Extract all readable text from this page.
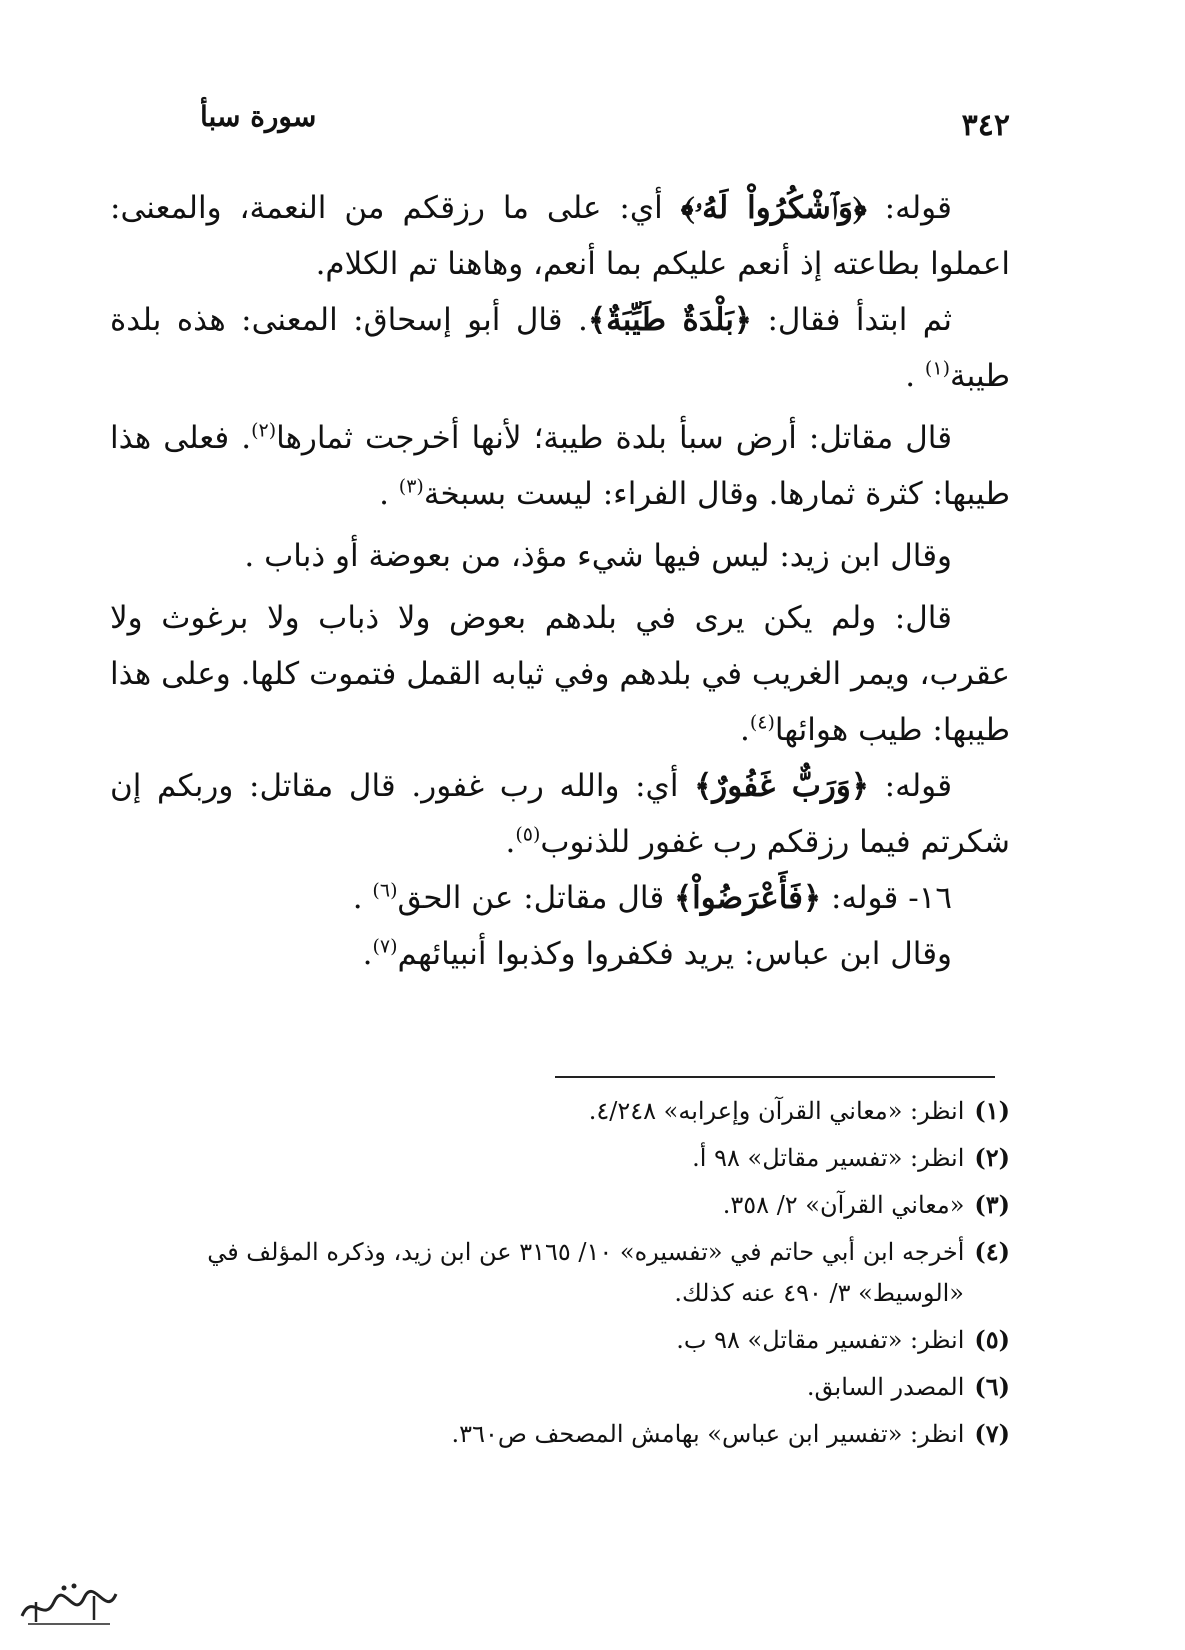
٣٤٢
سورة سبأ

قوله: ﴿وَٱشْكُرُواْ لَهُۥ﴾ أي: على ما رزقكم من النعمة، والمعنى: اعملوا بطاعته إذ أنعم عليكم بما أنعم، وهاهنا تم الكلام.

ثم ابتدأ فقال: ﴿بَلْدَةٌ طَيِّبَةٌ﴾. قال أبو إسحاق: المعنى: هذه بلدة طيبة$^{(١)}$ .

قال مقاتل: أرض سبأ بلدة طيبة؛ لأنها أخرجت ثمارها$^{(٢)}$. فعلى هذا طيبها: كثرة ثمارها. وقال الفراء: ليست بسبخة$^{(٣)}$ .

وقال ابن زيد: ليس فيها شيء مؤذ، من بعوضة أو ذباب .

قال: ولم يكن يرى في بلدهم بعوض ولا ذباب ولا برغوث ولا عقرب، ويمر الغريب في بلدهم وفي ثيابه القمل فتموت كلها. وعلى هذا طيبها: طيب هوائها$^{(٤)}$.

قوله: ﴿وَرَبٌّ غَفُورٌ﴾ أي: والله رب غفور. قال مقاتل: وربكم إن شكرتم فيما رزقكم رب غفور للذنوب$^{(٥)}$.

١٦- قوله: ﴿فَأَعْرَضُواْ﴾ قال مقاتل: عن الحق$^{(٦)}$ .

وقال ابن عباس: يريد فكفروا وكذبوا أنبيائهم$^{(٧)}$.

(١)انظر: «معاني القرآن وإعرابه» ٤/٢٤٨.

(٢)انظر: «تفسير مقاتل» ٩٨ أ.

(٣)«معاني القرآن» ٢/ ٣٥٨.

(٤)أخرجه ابن أبي حاتم في «تفسيره» ١٠/ ٣١٦٥ عن ابن زيد، وذكره المؤلف في
«الوسيط» ٣/ ٤٩٠ عنه كذلك.

(٥)انظر: «تفسير مقاتل» ٩٨ ب.

(٦)المصدر السابق.

(٧)انظر: «تفسير ابن عباس» بهامش المصحف ص٣٦٠.
